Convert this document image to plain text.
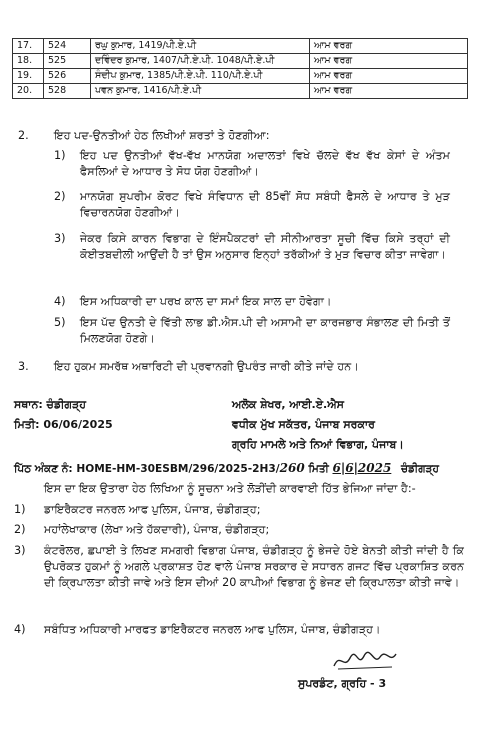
17.	524	ਰਘੁ ਕੁਮਾਰ, 1419/ਪੀ.ਏ.ਪੀ	ਆਮ ਵਰਗ
18.	525	ਦਵਿੰਦਰ ਕੁਮਾਰ, 1407/ਪੀ.ਏ.ਪੀ. 1048/ਪੀ.ਏ.ਪੀ	ਆਮ ਵਰਗ
19.	526	ਸੰਦੀਪ ਕੁਮਾਰ, 1385/ਪੀ.ਏ.ਪੀ. 110/ਪੀ.ਏ.ਪੀ	ਆਮ ਵਰਗ
20.	528	ਪਵਨ ਕੁਮਾਰ, 1416/ਪੀ.ਏ.ਪੀ	ਆਮ ਵਰਗ
2. ਇਹ ਪਦ-ਉਨਤੀਆਂ ਹੇਠ ਲਿਖੀਆਂ ਸ਼ਰਤਾਂ ਤੇ ਹੋਣਗੀਆ:
1) ਇਹ ਪਦ ਉਨਤੀਆਂ ਵੱਖ-ਵੱਖ ਮਾਨਯੋਗ ਅਦਾਲਤਾਂ ਵਿਖੇ ਚੱਲਦੇ ਵੱਖ ਵੱਖ ਕੇਸਾਂ ਦੇ ਅੰਤਮ ਫੈਸਲਿਆਂ ਦੇ ਆਧਾਰ ਤੇ ਸੋਧ ਯੋਗ ਹੋਣਗੀਆਂ।
2) ਮਾਨਯੋਗ ਸੁਪਰੀਮ ਕੋਰਟ ਵਿਖੇ ਸੰਵਿਧਾਨ ਦੀ 85ਵੀਂ ਸੋਧ ਸਬੰਧੀ ਫੈਸਲੇ ਦੇ ਆਧਾਰ ਤੇ ਮੁੜ ਵਿਚਾਰਨਯੋਗ ਹੋਣਗੀਆਂ।
3) ਜੇਕਰ ਕਿਸੇ ਕਾਰਨ ਵਿਭਾਗ ਦੇ ਇੰਸਪੈਕਟਰਾਂ ਦੀ ਸੀਨੀਆਰਤਾ ਸੂਚੀ ਵਿੱਚ ਕਿਸੇ ਤਰ੍ਹਾਂ ਦੀ ਕੋਈਤਬਦੀਲੀ ਆਉਂਦੀ ਹੈ ਤਾਂ ਉਸ ਅਨੁਸਾਰ ਇਨ੍ਹਾਂ ਤਰੱਕੀਆਂ ਤੇ ਮੁੜ ਵਿਚਾਰ ਕੀਤਾ ਜਾਵੇਗਾ।
4) ਇਸ ਅਧਿਕਾਰੀ ਦਾ ਪਰਖ ਕਾਲ ਦਾ ਸਮਾਂ ਇਕ ਸਾਲ ਦਾ ਹੋਵੇਗਾ।
5) ਇਸ ਪੱਦ ਉਨਤੀ ਦੇ ਵਿੱਤੀ ਲਾਭ ਡੀ.ਐਸ.ਪੀ ਦੀ ਅਸਾਮੀ ਦਾ ਕਾਰਜਭਾਰ ਸੰਭਾਲਣ ਦੀ ਮਿਤੀ ਤੋਂ ਮਿਲਣਯੋਗ ਹੋਣਗੇ।
3. ਇਹ ਹੁਕਮ ਸਮਰੱਥ ਅਥਾਰਿਟੀ ਦੀ ਪ੍ਰਵਾਨਗੀ ਉਪਰੰਤ ਜਾਰੀ ਕੀਤੇ ਜਾਂਦੇ ਹਨ।
ਸਥਾਨ: ਚੰਡੀਗੜ੍ਹ
ਮਿਤੀ: 06/06/2025
ਅਲੋਕ ਸ਼ੇਖਰ, ਆਈ.ਏ.ਐਸ
ਵਧੀਕ ਮੁੱਖ ਸਕੱਤਰ, ਪੰਜਾਬ ਸਰਕਾਰ
ਗ੍ਰਹਿ ਮਾਮਲੇ ਅਤੇ ਨਿਆਂ ਵਿਭਾਗ, ਪੰਜਾਬ।
ਪਿੱਠ ਅੰਕਣ ਨੰ: HOME-HM-30ESBM/296/2025-2H3/260 ਮਿਤੀ 6|6|2025 ਚੰਡੀਗੜ੍ਹ
ਇਸ ਦਾ ਇਕ ਉਤਾਰਾ ਹੇਠ ਲਿਖਿਆ ਨੂੰ ਸੂਚਨਾ ਅਤੇ ਲੋੜੀਂਦੀ ਕਾਰਵਾਈ ਹਿੱਤ ਭੇਜਿਆ ਜਾਂਦਾ ਹੈ:-
1) ਡਾਇਰੈਕਟਰ ਜਨਰਲ ਆਫ ਪੁਲਿਸ, ਪੰਜਾਬ, ਚੰਡੀਗੜ੍ਹ;
2) ਮਹਾਂਲੇਖਾਕਾਰ (ਲੇਖਾ ਅਤੇ ਹੱਕਦਾਰੀ), ਪੰਜਾਬ, ਚੰਡੀਗੜ੍ਹ;
3) ਕੰਟਰੋਲਰ, ਛਪਾਈ ਤੇ ਲਿਖਣ ਸਮਗਰੀ ਵਿਭਾਗ ਪੰਜਾਬ, ਚੰਡੀਗੜ੍ਹ ਨੂੰ ਭੇਜਦੇ ਹੋਏ ਬੇਨਤੀ ਕੀਤੀ ਜਾਂਦੀ ਹੈ ਕਿ ਉਪਰੋਕਤ ਹੁਕਮਾਂ ਨੂੰ ਅਗਲੇ ਪ੍ਰਕਾਸ਼ਤ ਹੋਣ ਵਾਲੇ ਪੰਜਾਬ ਸਰਕਾਰ ਦੇ ਸਧਾਰਨ ਗਜਟ ਵਿੱਚ ਪ੍ਰਕਾਸ਼ਿਤ ਕਰਨ ਦੀ ਕ੍ਰਿਪਾਲਤਾ ਕੀਤੀ ਜਾਵੇ ਅਤੇ ਇਸ ਦੀਆਂ 20 ਕਾਪੀਆਂ ਵਿਭਾਗ ਨੂੰ ਭੇਜਣ ਦੀ ਕ੍ਰਿਪਾਲਤਾ ਕੀਤੀ ਜਾਵੇ।
4) ਸਬੰਧਿਤ ਅਧਿਕਾਰੀ ਮਾਰਫਤ ਡਾਇਰੈਕਟਰ ਜਨਰਲ ਆਫ ਪੁਲਿਸ, ਪੰਜਾਬ, ਚੰਡੀਗੜ੍ਹ।
ਸੁਪਰਡੰਟ, ਗ੍ਰਹਿ - 3
